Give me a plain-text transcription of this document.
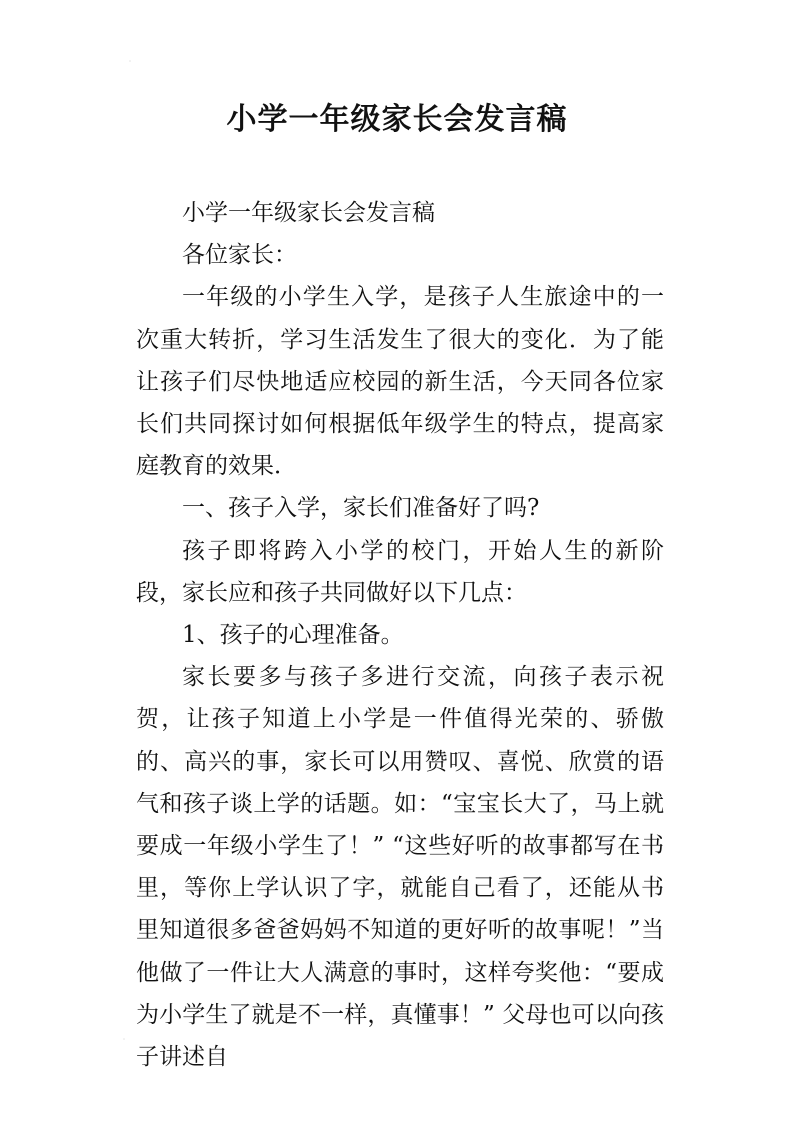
˙
小学一年级家长会发言稿

小学一年级家长会发言稿

各位家长：

一年级的小学生入学，是孩子人生旅途中的一次重大转折，学习生活发生了很大的变化．为了能让孩子们尽快地适应校园的新生活，今天同各位家长们共同探讨如何根据低年级学生的特点，提高家庭教育的效果．

一、孩子入学，家长们准备好了吗?

孩子即将跨入小学的校门，开始人生的新阶段，家长应和孩子共同做好以下几点：

1、孩子的心理准备。

家长要多与孩子多进行交流，向孩子表示祝贺，让孩子知道上小学是一件值得光荣的、骄傲的、高兴的事，家长可以用赞叹、喜悦、欣赏的语气和孩子谈上学的话题。如：“宝宝长大了，马上就要成一年级小学生了！” “这些好听的故事都写在书里，等你上学认识了字，就能自己看了，还能从书里知道很多爸爸妈妈不知道的更好听的故事呢！”当他做了一件让大人满意的事时，这样夸奖他：“要成为小学生了就是不一样，真懂事！” 父母也可以向孩子讲述自

˙
